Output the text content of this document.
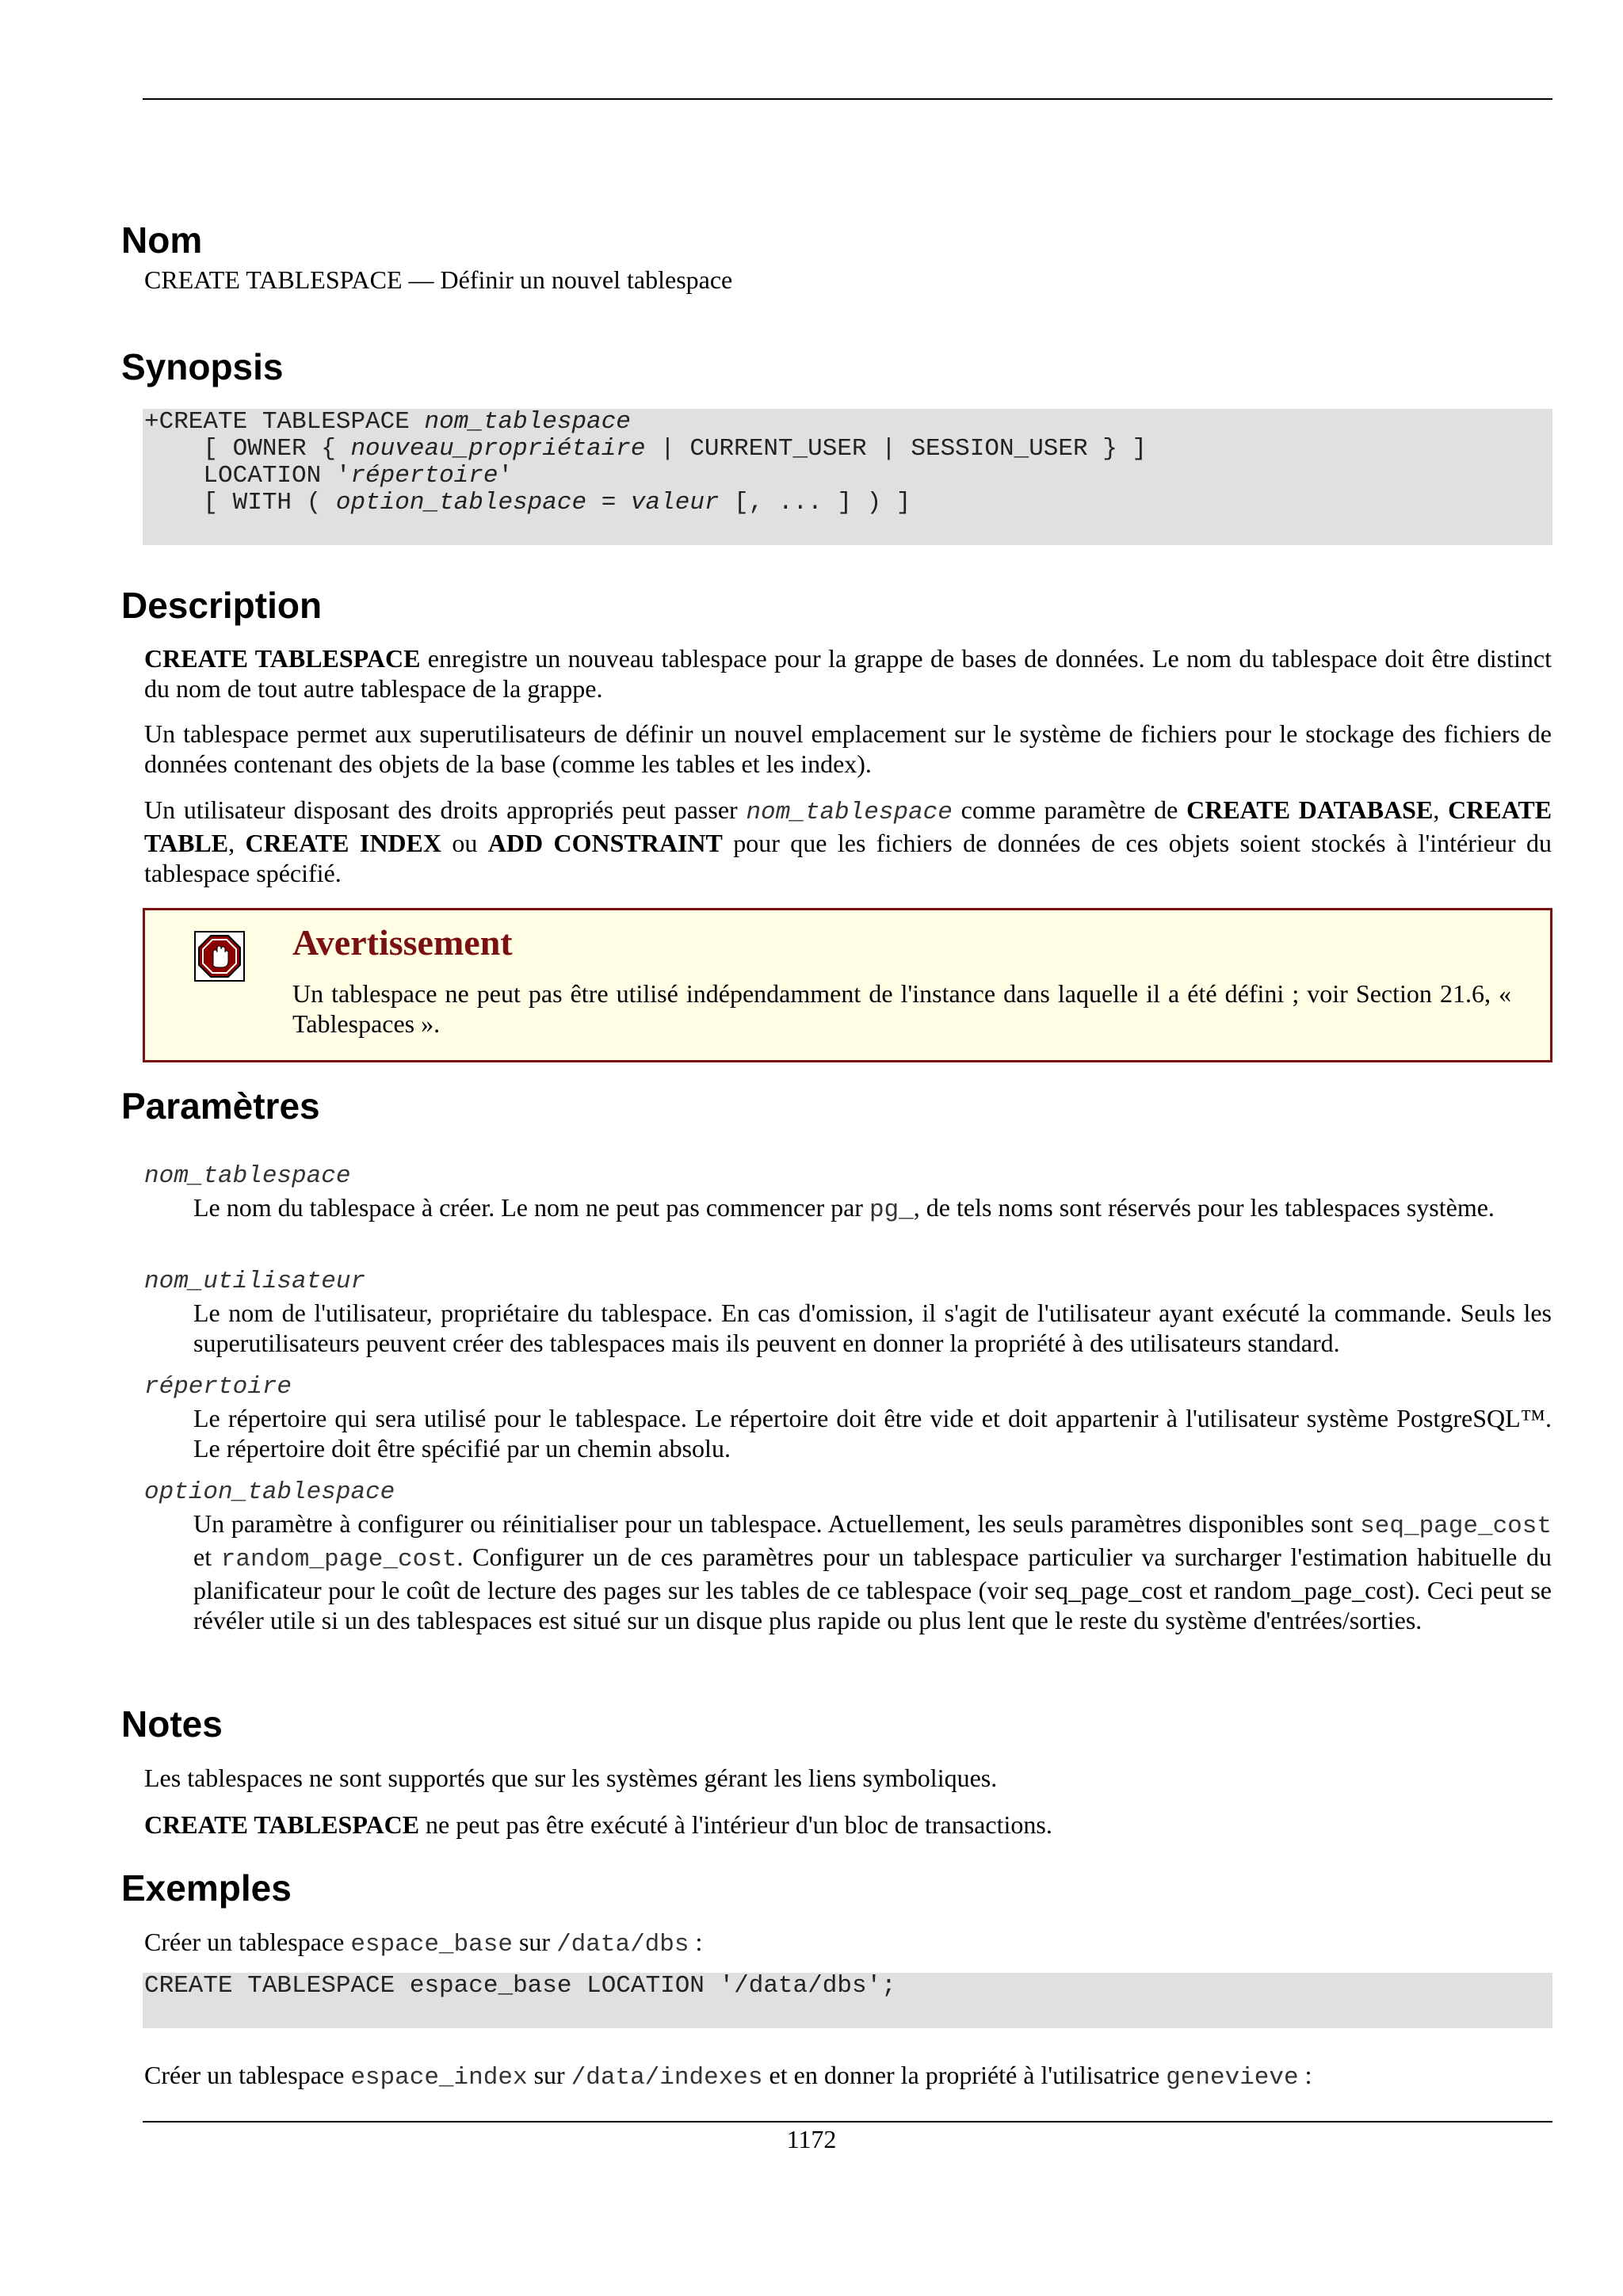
Nom
CREATE TABLESPACE — Définir un nouvel tablespace
Synopsis
+CREATE TABLESPACE nom_tablespace
[ OWNER { nouveau_propriétaire | CURRENT_USER | SESSION_USER } ]
LOCATION 'répertoire'
[ WITH ( option_tablespace = valeur [, ... ] ) ]
Description
CREATE TABLESPACE enregistre un nouveau tablespace pour la grappe de bases de données. Le nom du tablespace doit être distinct du nom de tout autre tablespace de la grappe.
Un tablespace permet aux superutilisateurs de définir un nouvel emplacement sur le système de fichiers pour le stockage des fichiers de données contenant des objets de la base (comme les tables et les index).
Un utilisateur disposant des droits appropriés peut passer nom_tablespace comme paramètre de CREATE DATABASE, CREATE TABLE, CREATE INDEX ou ADD CONSTRAINT pour que les fichiers de données de ces objets soient stockés à l'intérieur du tablespace spécifié.
Avertissement
Un tablespace ne peut pas être utilisé indépendamment de l'instance dans laquelle il a été défini ; voir Section 21.6, « Tablespaces ».
Paramètres
nom_tablespace
Le nom du tablespace à créer. Le nom ne peut pas commencer par pg_, de tels noms sont réservés pour les tablespaces système.
nom_utilisateur
Le nom de l'utilisateur, propriétaire du tablespace. En cas d'omission, il s'agit de l'utilisateur ayant exécuté la commande. Seuls les superutilisateurs peuvent créer des tablespaces mais ils peuvent en donner la propriété à des utilisateurs standard.
répertoire
Le répertoire qui sera utilisé pour le tablespace. Le répertoire doit être vide et doit appartenir à l'utilisateur système PostgreSQL™. Le répertoire doit être spécifié par un chemin absolu.
option_tablespace
Un paramètre à configurer ou réinitialiser pour un tablespace. Actuellement, les seuls paramètres disponibles sont seq_page_cost et random_page_cost. Configurer un de ces paramètres pour un tablespace particulier va surcharger l'estimation habituelle du planificateur pour le coût de lecture des pages sur les tables de ce tablespace (voir seq_page_cost et random_page_cost). Ceci peut se révéler utile si un des tablespaces est situé sur un disque plus rapide ou plus lent que le reste du système d'entrées/sorties.
Notes
Les tablespaces ne sont supportés que sur les systèmes gérant les liens symboliques.
CREATE TABLESPACE ne peut pas être exécuté à l'intérieur d'un bloc de transactions.
Exemples
Créer un tablespace espace_base sur /data/dbs :
CREATE TABLESPACE espace_base LOCATION '/data/dbs';
Créer un tablespace espace_index sur /data/indexes et en donner la propriété à l'utilisatrice genevieve :
1172
